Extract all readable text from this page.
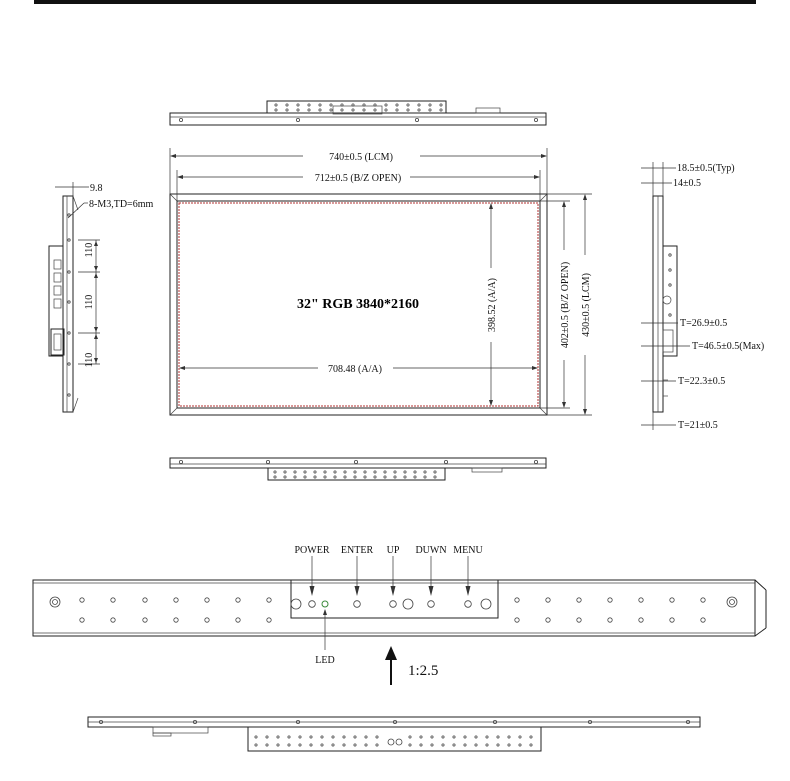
32" RGB 3840*2160
740±0.5 (LCM)
712±0.5 (B/Z OPEN)
708.48 (A/A)
398.52 (A/A)	402±0.5 (B/Z OPEN) 430±0.5 (LCM)
9.8
8-M3,TD=6mm
110
110
110
18.5±0.5(Typ)
14±0.5
T=26.9±0.5
T=46.5±0.5(Max)
T=22.3±0.5
T=21±0.5
POWER ENTER UP DUWN MENU
LED
1:2.5
